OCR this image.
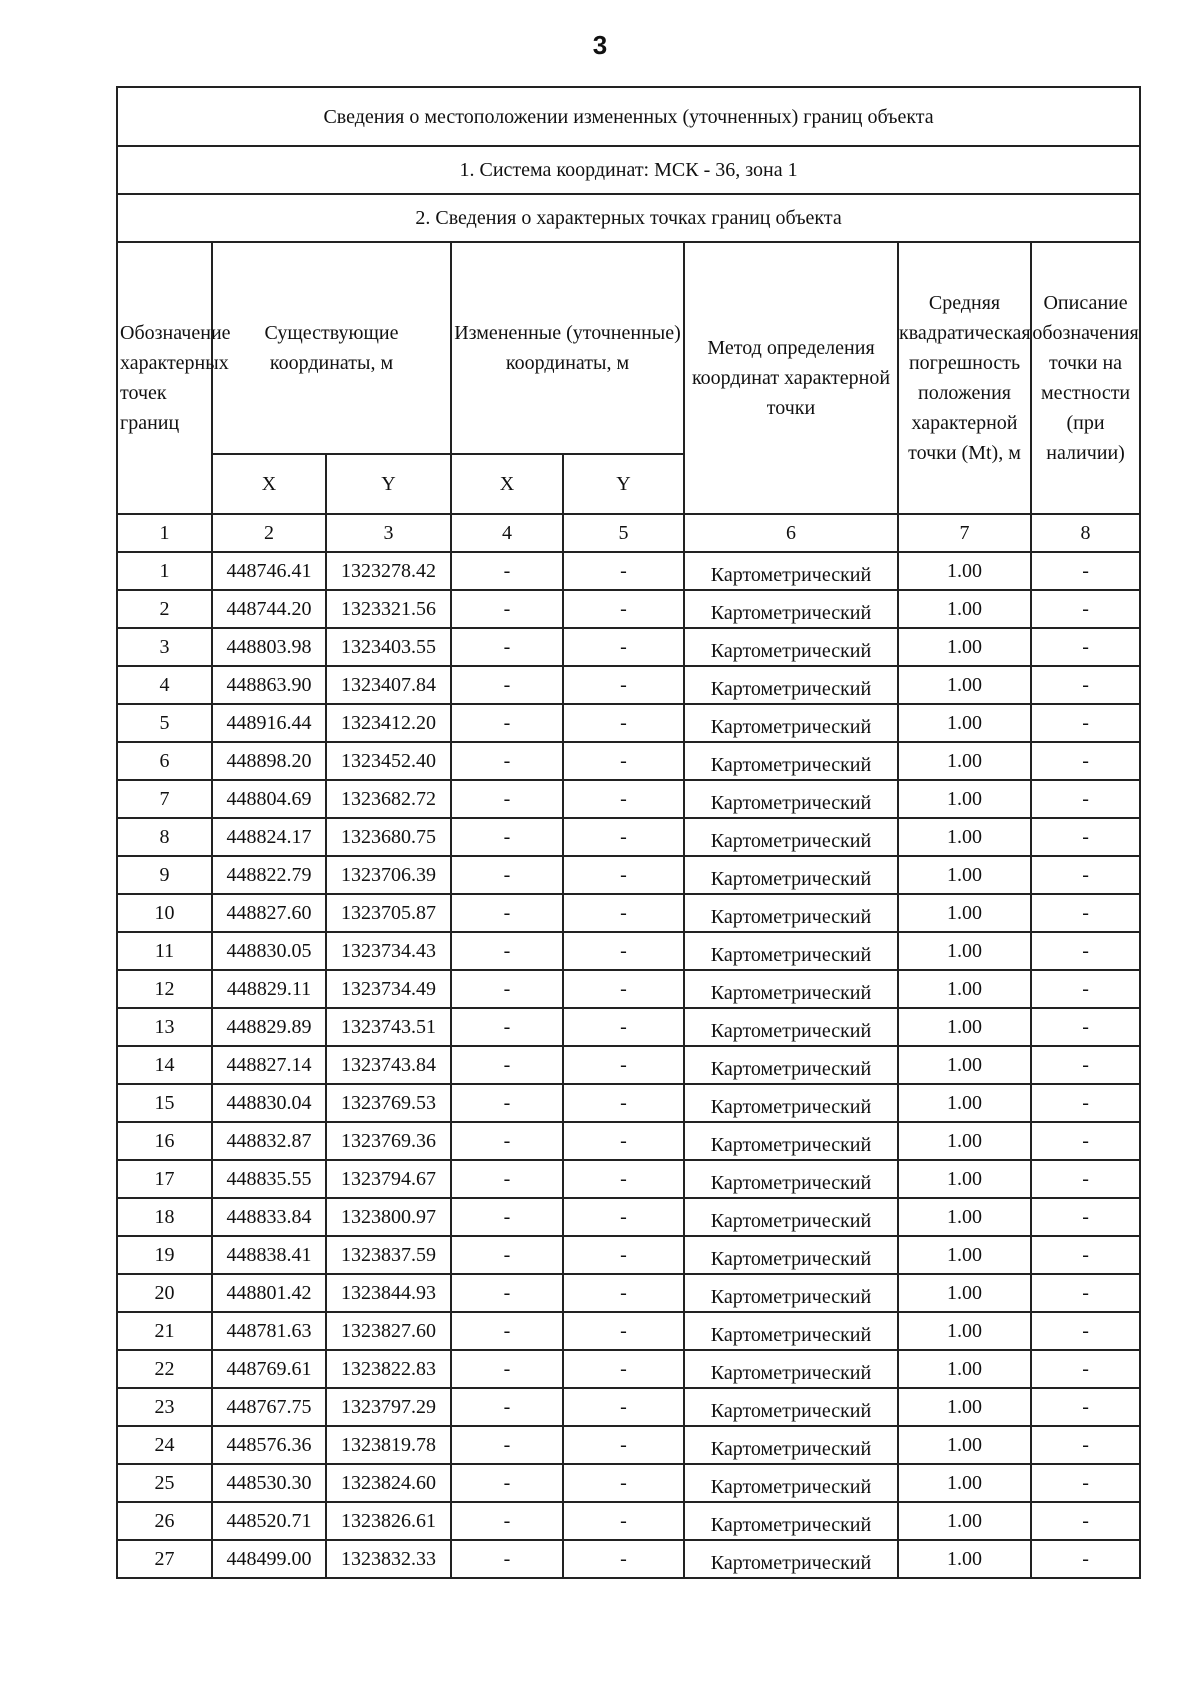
3
Сведения о местоположении измененных (уточненных) границ объекта							
1. Система координат: МСК - 36, зона 1							
2. Сведения о характерных точках границ объекта							
Обозначение характерных точек границ	Существующие координаты, м		Измененные (уточненные) координаты, м		Метод определения координат характерной точки	Средняя квадратическая погрешность положения характерной точки (Mt), м	Описание обозначения точки на местности (при наличии)
	X	Y	X	Y			
1	2	3	4	5	6	7	8
1	448746.41	1323278.42	-	-	Картометрический	1.00	-
2	448744.20	1323321.56	-	-	Картометрический	1.00	-
3	448803.98	1323403.55	-	-	Картометрический	1.00	-
4	448863.90	1323407.84	-	-	Картометрический	1.00	-
5	448916.44	1323412.20	-	-	Картометрический	1.00	-
6	448898.20	1323452.40	-	-	Картометрический	1.00	-
7	448804.69	1323682.72	-	-	Картометрический	1.00	-
8	448824.17	1323680.75	-	-	Картометрический	1.00	-
9	448822.79	1323706.39	-	-	Картометрический	1.00	-
10	448827.60	1323705.87	-	-	Картометрический	1.00	-
11	448830.05	1323734.43	-	-	Картометрический	1.00	-
12	448829.11	1323734.49	-	-	Картометрический	1.00	-
13	448829.89	1323743.51	-	-	Картометрический	1.00	-
14	448827.14	1323743.84	-	-	Картометрический	1.00	-
15	448830.04	1323769.53	-	-	Картометрический	1.00	-
16	448832.87	1323769.36	-	-	Картометрический	1.00	-
17	448835.55	1323794.67	-	-	Картометрический	1.00	-
18	448833.84	1323800.97	-	-	Картометрический	1.00	-
19	448838.41	1323837.59	-	-	Картометрический	1.00	-
20	448801.42	1323844.93	-	-	Картометрический	1.00	-
21	448781.63	1323827.60	-	-	Картометрический	1.00	-
22	448769.61	1323822.83	-	-	Картометрический	1.00	-
23	448767.75	1323797.29	-	-	Картометрический	1.00	-
24	448576.36	1323819.78	-	-	Картометрический	1.00	-
25	448530.30	1323824.60	-	-	Картометрический	1.00	-
26	448520.71	1323826.61	-	-	Картометрический	1.00	-
27	448499.00	1323832.33	-	-	Картометрический	1.00	-
